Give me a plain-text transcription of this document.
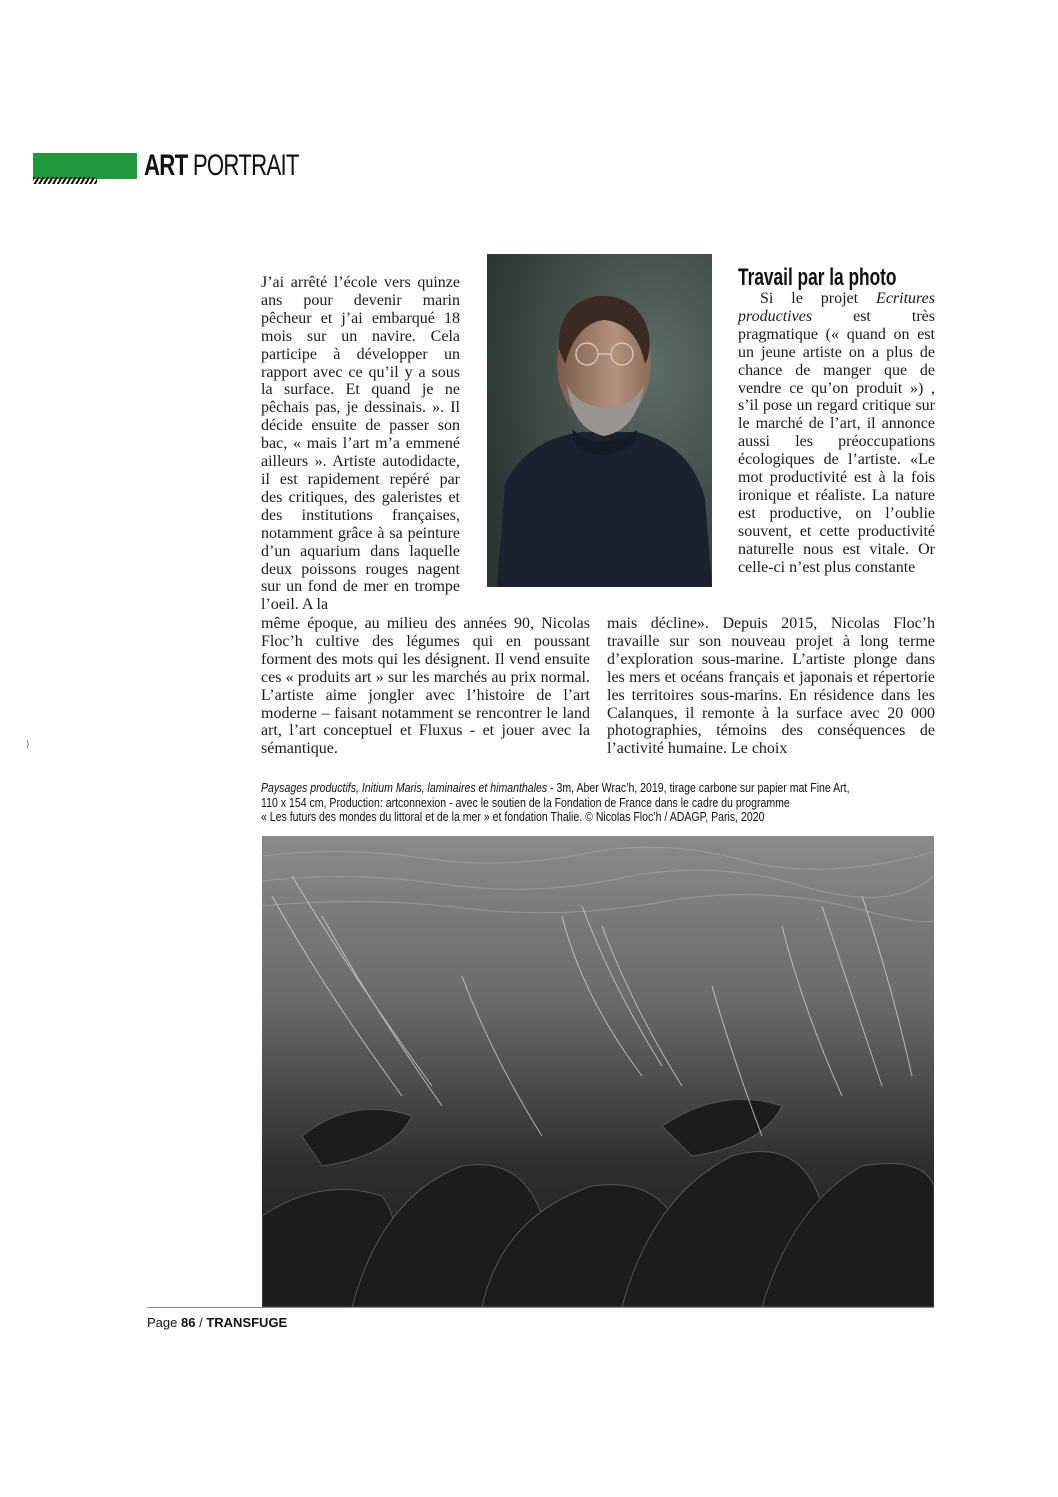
ART PORTRAIT

J’ai arrêté l’école vers quinze ans pour devenir marin pêcheur et j’ai embarqué 18 mois sur un navire. Cela participe à développer un rapport avec ce qu’il y a sous la surface. Et quand je ne pêchais pas, je dessinais. ». Il décide ensuite de passer son bac, « mais l’art m’a emmené ailleurs ». Artiste autodidacte, il est rapidement repéré par des critiques, des galeristes et des institutions françaises, notamment grâce à sa peinture d’un aquarium dans laquelle deux poissons rouges nagent sur un fond de mer en trompe l’oeil. A la

Travail par la photo

Si le projet Ecritures productives est très pragmatique (« quand on est un jeune artiste on a plus de chance de manger que de vendre ce qu’on produit ») , s’il pose un regard critique sur le marché de l’art, il annonce aussi les préoccupations écologiques de l’artiste. «Le mot productivité est à la fois ironique et réaliste. La nature est productive, on l’oublie souvent, et cette productivité naturelle nous est vitale. Or celle-ci n’est plus constante

même époque, au milieu des années 90, Nicolas Floc’h cultive des légumes qui en poussant forment des mots qui les désignent. Il vend ensuite ces « produits art » sur les marchés au prix normal. L’artiste aime jongler avec l’histoire de l’art moderne – faisant notamment se rencontrer le land art, l’art conceptuel et Fluxus - et jouer avec la sémantique.

mais décline». Depuis 2015, Nicolas Floc’h travaille sur son nouveau projet à long terme d’exploration sous-marine. L’artiste plonge dans les mers et océans français et japonais et répertorie les territoires sous-marins. En résidence dans les Calanques, il remonte à la surface avec 20 000 photographies, témoins des conséquences de l’activité humaine. Le choix

Paysages productifs, Initium Maris, laminaires et himanthales - 3m, Aber Wrac’h, 2019, tirage carbone sur papier mat Fine Art,
110 x 154 cm, Production: artconnexion - avec le soutien de la Fondation de France dans le cadre du programme
« Les futurs des mondes du littoral et de la mer » et fondation Thalie. © Nicolas Floc’h / ADAGP, Paris, 2020
Page 86 / TRANSFUGE
⟩
